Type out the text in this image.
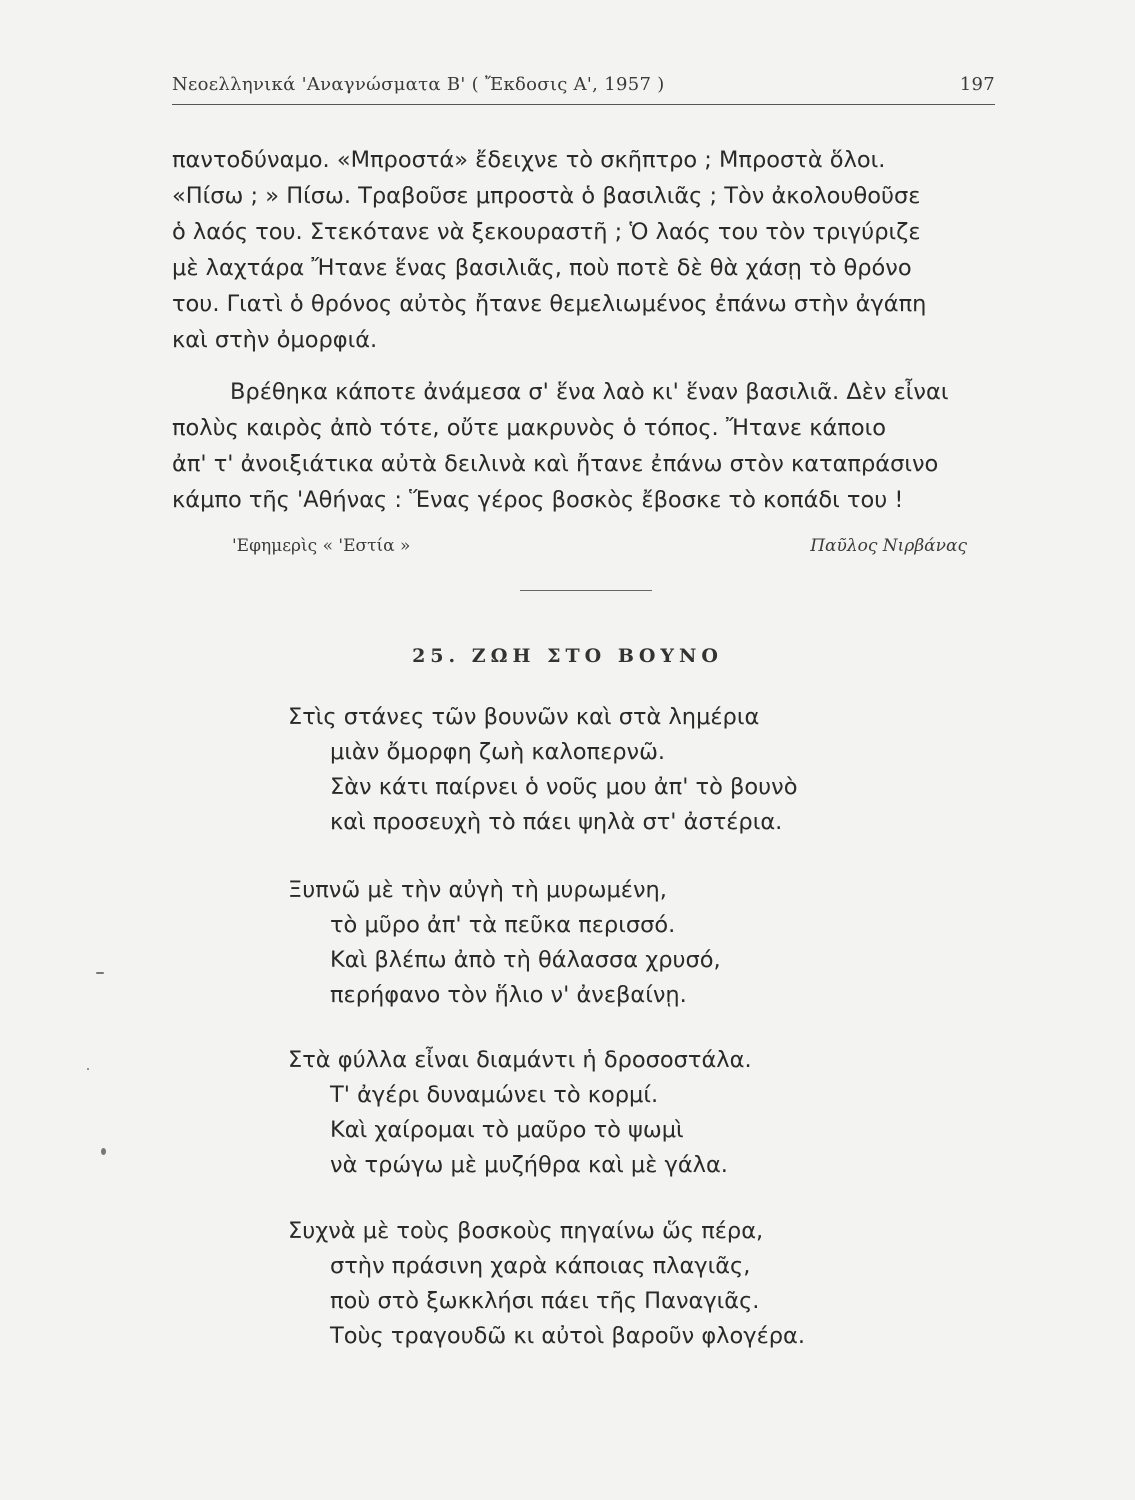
Νεοελληνικά 'Αναγνώσματα Β' ( Ἔκδοσις Α', 1957 )	197
παντοδύναμο. «Μπροστά» ἔδειχνε τὸ σκῆπτρο ; Μπροστὰ ὅλοι.
«Πίσω ; » Πίσω. Τραβοῦσε μπροστὰ ὁ βασιλιᾶς ; Τὸν ἀκολουθοῦσε
ὁ λαός του. Στεκότανε νὰ ξεκουραστῆ ; Ὁ λαός του τὸν τριγύριζε
μὲ λαχτάρα Ἤτανε ἕνας βασιλιᾶς, ποὺ ποτὲ δὲ θὰ χάσῃ τὸ θρόνο
του. Γιατὶ ὁ θρόνος αὐτὸς ἤτανε θεμελιωμένος ἐπάνω στὴν ἀγάπη
καὶ στὴν ὀμορφιά.
Βρέθηκα κάποτε ἀνάμεσα σ' ἕνα λαὸ κι' ἕναν βασιλιᾶ. Δὲν εἶναι
πολὺς καιρὸς ἀπὸ τότε, οὔτε μακρυνὸς ὁ τόπος. Ἤτανε κάποιο
ἀπ' τ' ἀνοιξιάτικα αὐτὰ δειλινὰ καὶ ἤτανε ἐπάνω στὸν καταπράσινο
κάμπο τῆς 'Αθήνας : Ἕνας γέρος βοσκὸς ἔβοσκε τὸ κοπάδι του !
'Εφημερὶς « 'Εστία »	Παῦλος Νιρβάνας
25. ΖΩΗ ΣΤΟ ΒΟΥΝΟ
Στὶς στάνες τῶν βουνῶν καὶ στὰ λημέρια
μιὰν ὄμορφη ζωὴ καλοπερνῶ.
Σὰν κάτι παίρνει ὁ νοῦς μου ἀπ' τὸ βουνὸ
καὶ προσευχὴ τὸ πάει ψηλὰ στ' ἀστέρια.
Ξυπνῶ μὲ τὴν αὐγὴ τὴ μυρωμένη,
τὸ μῦρο ἀπ' τὰ πεῦκα περισσό.
Καὶ βλέπω ἀπὸ τὴ θάλασσα χρυσό,
περήφανο τὸν ἥλιο ν' ἀνεβαίνῃ.
Στὰ φύλλα εἶναι διαμάντι ἡ δροσοστάλα.
Τ' ἀγέρι δυναμώνει τὸ κορμί.
Καὶ χαίρομαι τὸ μαῦρο τὸ ψωμὶ
νὰ τρώγω μὲ μυζήθρα καὶ μὲ γάλα.
Συχνὰ μὲ τοὺς βοσκοὺς πηγαίνω ὥς πέρα,
στὴν πράσινη χαρὰ κάποιας πλαγιᾶς,
ποὺ στὸ ξωκκλήσι πάει τῆς Παναγιᾶς.
Τοὺς τραγουδῶ κι αὐτοὶ βαροῦν φλογέρα.
